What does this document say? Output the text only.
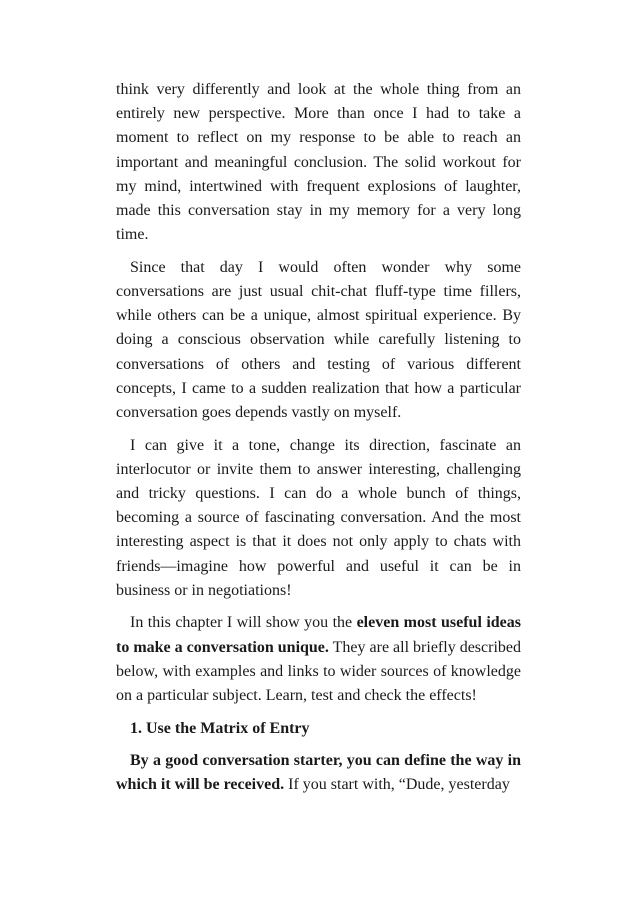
think very differently and look at the whole thing from an entirely new perspective. More than once I had to take a moment to reflect on my response to be able to reach an important and meaningful conclusion. The solid workout for my mind, intertwined with frequent explosions of laughter, made this conversation stay in my memory for a very long time.

Since that day I would often wonder why some conversations are just usual chit-chat fluff-type time fillers, while others can be a unique, almost spiritual experience. By doing a conscious observation while carefully listening to conversations of others and testing of various different concepts, I came to a sudden realization that how a particular conversation goes depends vastly on myself.

I can give it a tone, change its direction, fascinate an interlocutor or invite them to answer interesting, challenging and tricky questions. I can do a whole bunch of things, becoming a source of fascinating conversation. And the most interesting aspect is that it does not only apply to chats with friends—imagine how powerful and useful it can be in business or in negotiations!

In this chapter I will show you the eleven most useful ideas to make a conversation unique. They are all briefly described below, with examples and links to wider sources of knowledge on a particular subject. Learn, test and check the effects!

1. Use the Matrix of Entry

By a good conversation starter, you can define the way in which it will be received. If you start with, “Dude, yesterday
